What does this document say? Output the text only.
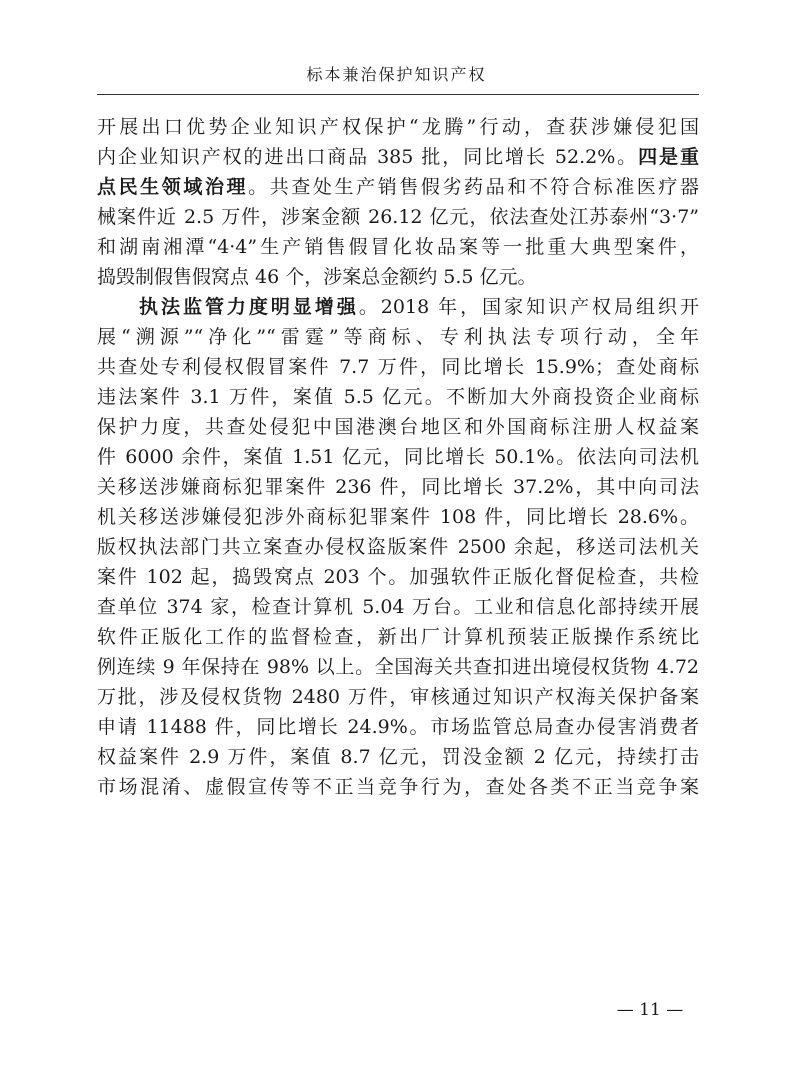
标本兼治保护知识产权
开展出口优势企业知识产权保护“龙腾”行动，查获涉嫌侵犯国
内企业知识产权的进出口商品 385 批，同比增长 52.2%。四是重
点民生领域治理。共查处生产销售假劣药品和不符合标准医疗器
械案件近 2.5 万件，涉案金额 26.12 亿元，依法查处江苏泰州“3·7”
和湖南湘潭“4·4”生产销售假冒化妆品案等一批重大典型案件，
捣毁制假售假窝点 46 个，涉案总金额约 5.5 亿元。
执法监管力度明显增强。2018 年，国家知识产权局组织开
展“溯源”“净化”“雷霆”等商标、专利执法专项行动，全年
共查处专利侵权假冒案件 7.7 万件，同比增长 15.9%；查处商标
违法案件 3.1 万件，案值 5.5 亿元。不断加大外商投资企业商标
保护力度，共查处侵犯中国港澳台地区和外国商标注册人权益案
件 6000 余件，案值 1.51 亿元，同比增长 50.1%。依法向司法机
关移送涉嫌商标犯罪案件 236 件，同比增长 37.2%，其中向司法
机关移送涉嫌侵犯涉外商标犯罪案件 108 件，同比增长 28.6%。
版权执法部门共立案查办侵权盗版案件 2500 余起，移送司法机关
案件 102 起，捣毁窝点 203 个。加强软件正版化督促检查，共检
查单位 374 家，检查计算机 5.04 万台。工业和信息化部持续开展
软件正版化工作的监督检查，新出厂计算机预装正版操作系统比
例连续 9 年保持在 98% 以上。全国海关共查扣进出境侵权货物 4.72
万批，涉及侵权货物 2480 万件，审核通过知识产权海关保护备案
申请 11488 件，同比增长 24.9%。市场监管总局查办侵害消费者
权益案件 2.9 万件，案值 8.7 亿元，罚没金额 2 亿元，持续打击
市场混淆、虚假宣传等不正当竞争行为，查处各类不正当竞争案
— 11 —
